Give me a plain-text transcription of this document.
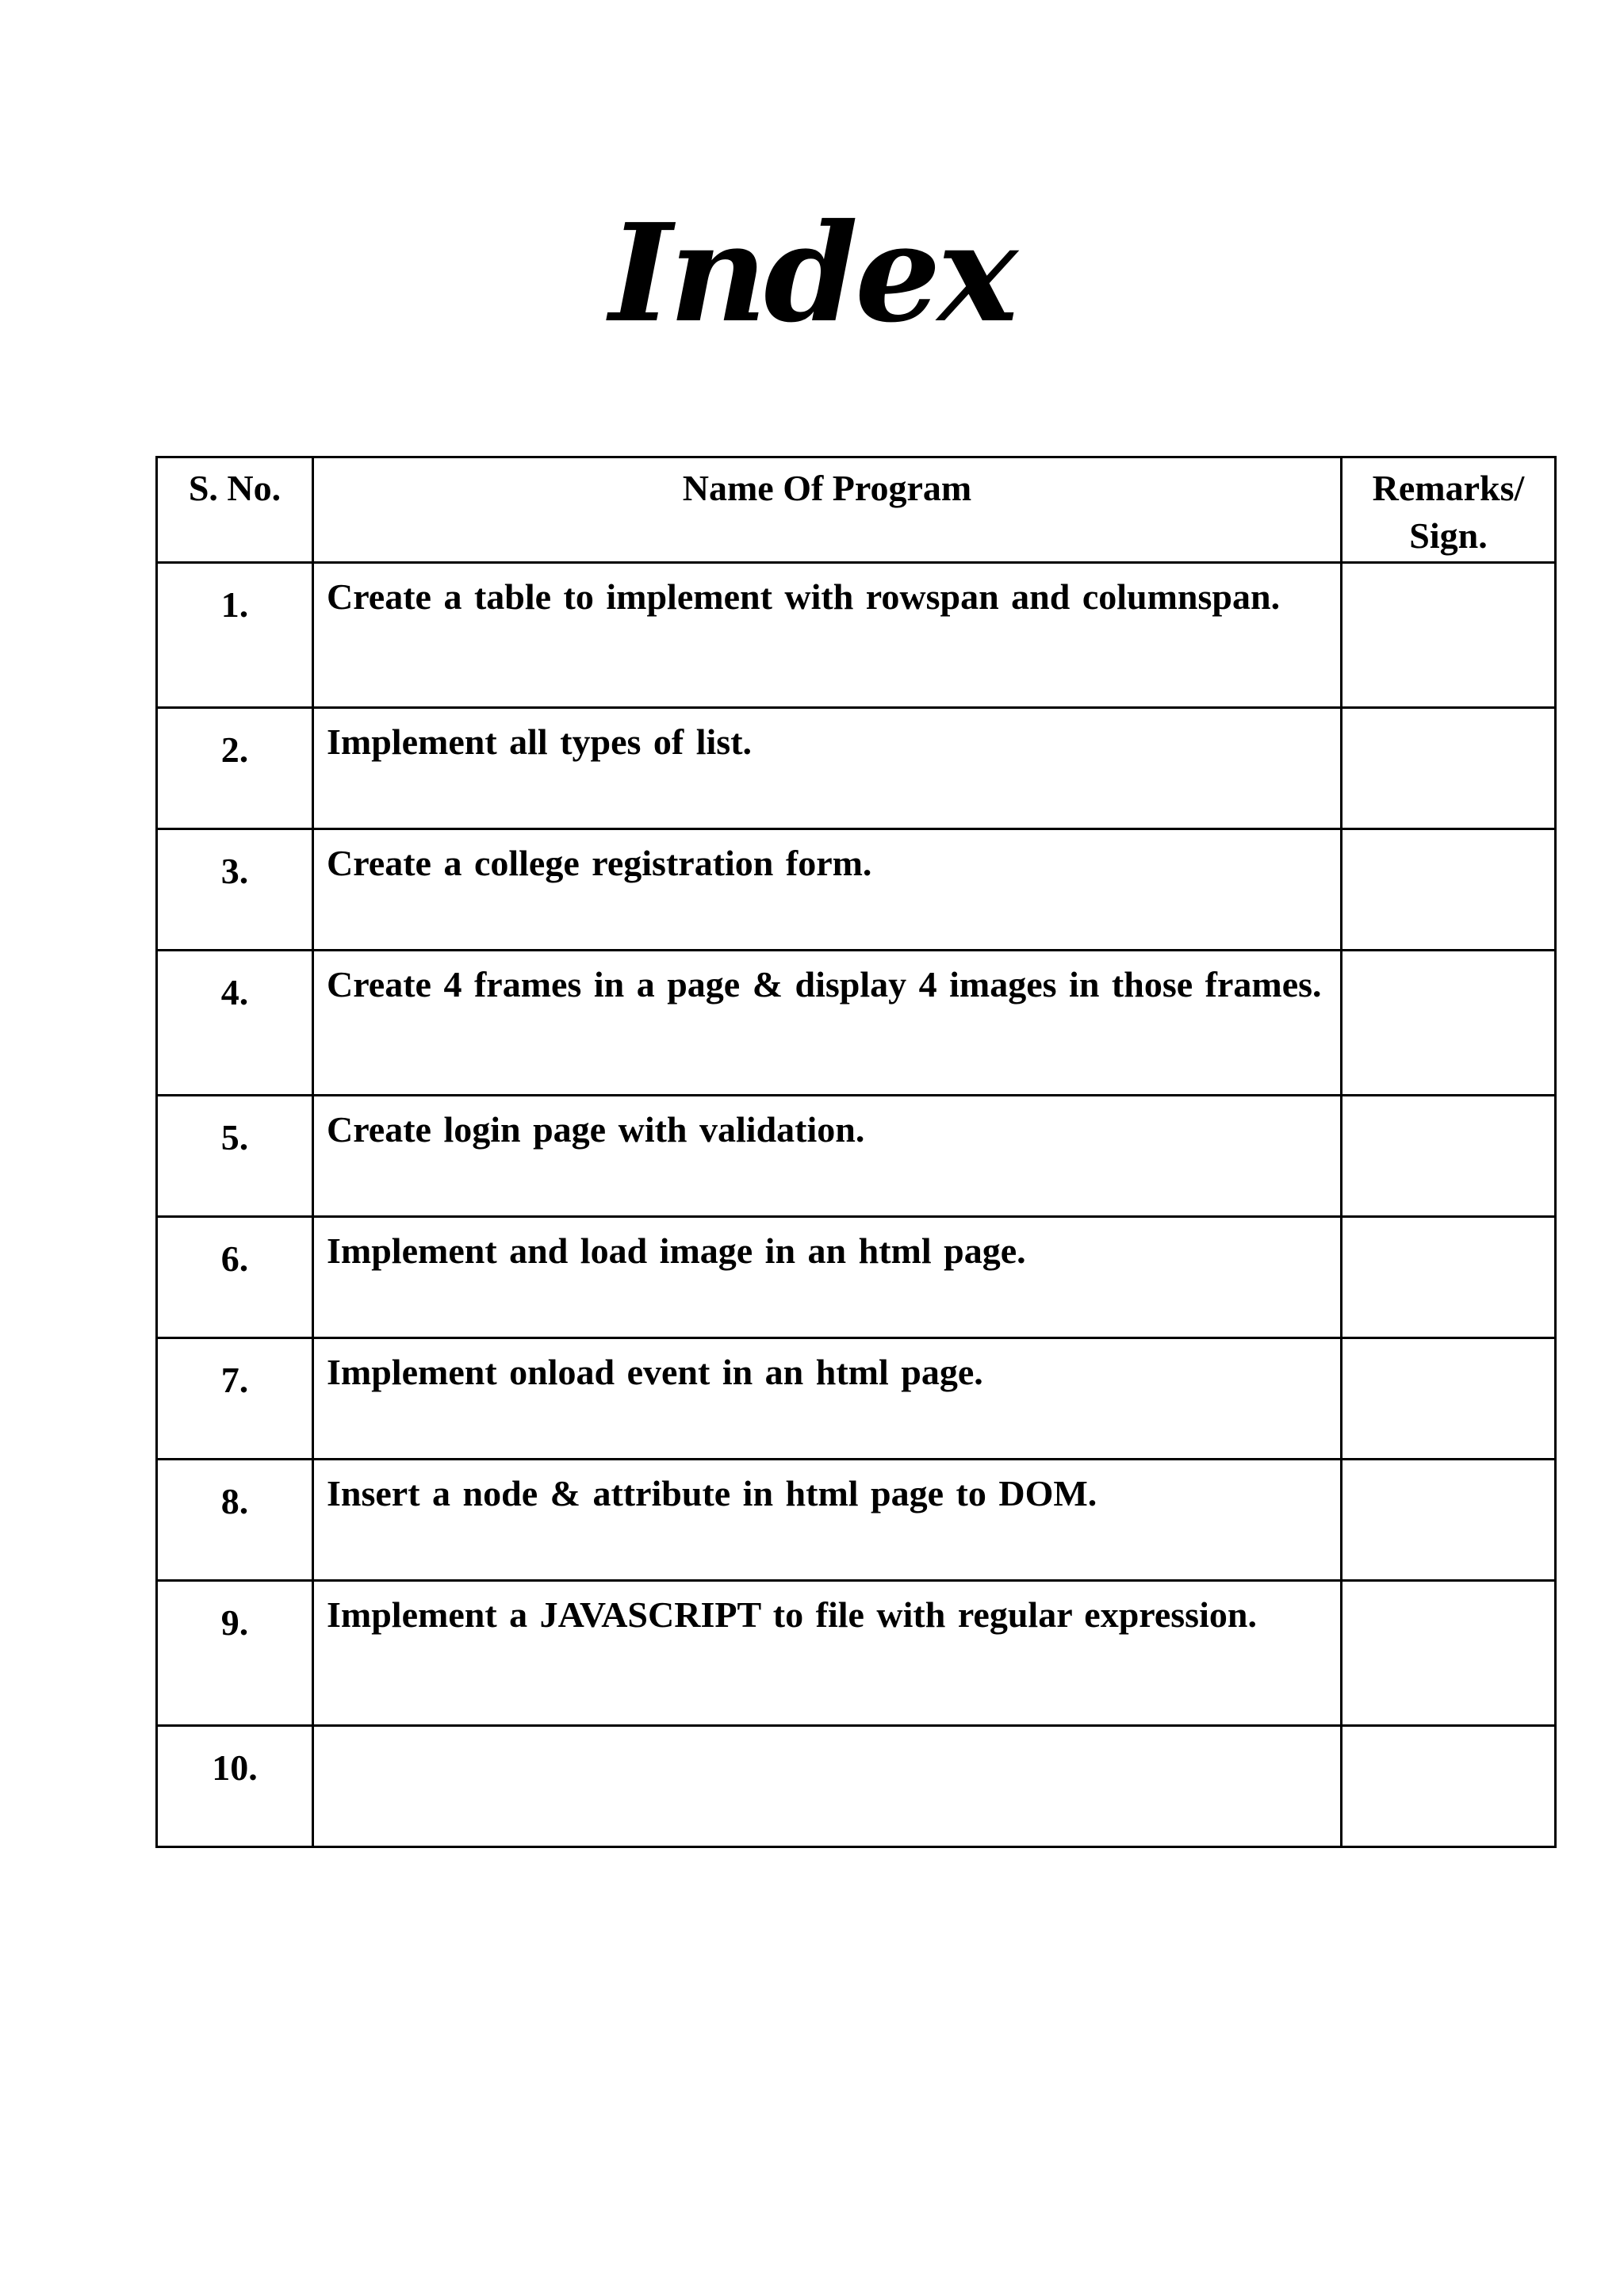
Index
S. No.	Name Of Program	Remarks/ Sign.
1.	Create a table to implement with rowspan and columnspan.	
2.	Implement all types of list.	
3.	Create a college registration form.	
4.	Create 4 frames in a page & display 4 images in those frames.	
5.	Create login page with validation.	
6.	Implement and load image in an html page.	
7.	Implement onload event in an html page.	
8.	Insert a node & attribute in html page to DOM.	
9.	Implement a JAVASCRIPT to file with regular expression.	
10.		
